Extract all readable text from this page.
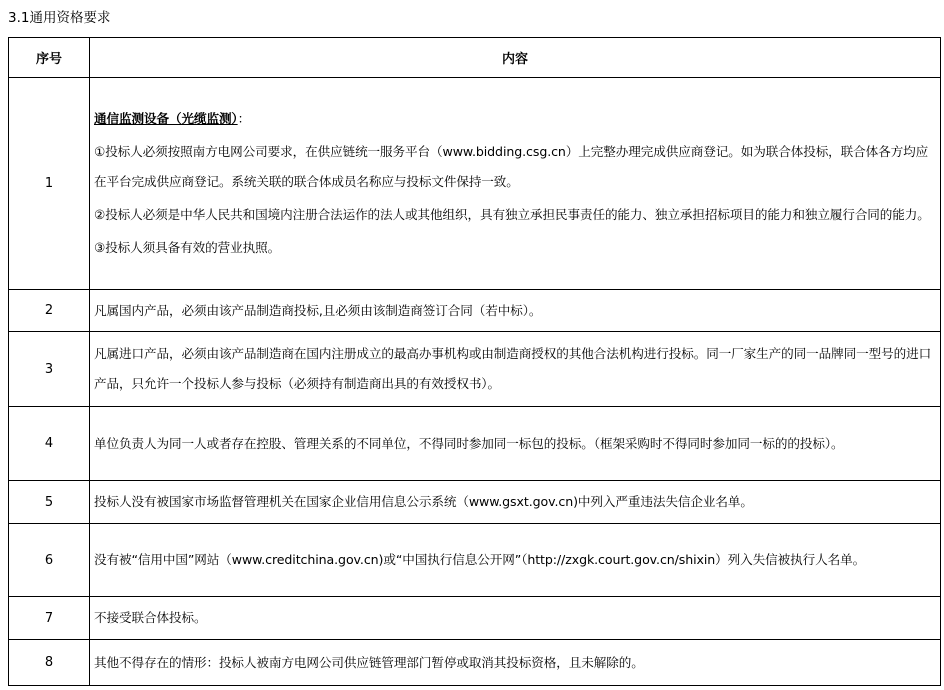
3.1通用资格要求
序号	内容
1	通信监测设备（光缆监测）：
①投标人必须按照南方电网公司要求，在供应链统一服务平台（www.bidding.csg.cn）上完整办理完成供应商登记。如为联合体投标，联合体各方均应在平台完成供应商登记。系统关联的联合体成员名称应与投标文件保持一致。
②投标人必须是中华人民共和国境内注册合法运作的法人或其他组织，具有独立承担民事责任的能力、独立承担招标项目的能力和独立履行合同的能力。
③投标人须具备有效的营业执照。

2	凡属国内产品，必须由该产品制造商投标,且必须由该制造商签订合同（若中标）。
3	凡属进口产品，必须由该产品制造商在国内注册成立的最高办事机构或由制造商授权的其他合法机构进行投标。同一厂家生产的同一品牌同一型号的进口产品，只允许一个投标人参与投标（必须持有制造商出具的有效授权书）。
4	单位负责人为同一人或者存在控股、管理关系的不同单位，不得同时参加同一标包的投标。（框架采购时不得同时参加同一标的的投标）。
5	投标人没有被国家市场监督管理机关在国家企业信用信息公示系统（www.gsxt.gov.cn)中列入严重违法失信企业名单。
6	没有被“信用中国”网站（www.creditchina.gov.cn)或“中国执行信息公开网”（http://zxgk.court.gov.cn/shixin）列入失信被执行人名单。
7	不接受联合体投标。
8	其他不得存在的情形：投标人被南方电网公司供应链管理部门暂停或取消其投标资格，且未解除的。
